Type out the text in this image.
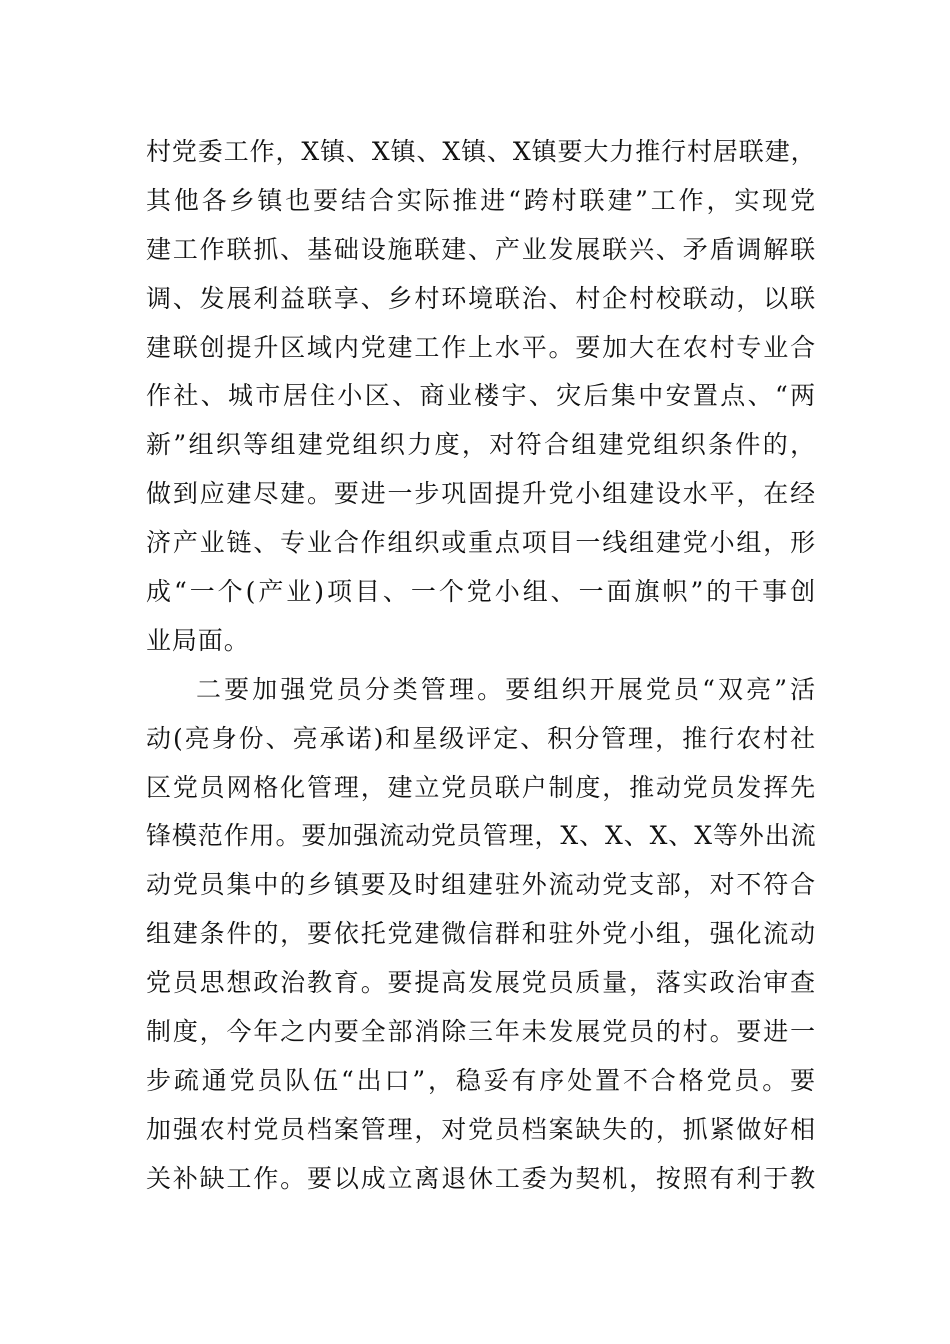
村党委工作，X镇、X镇、X镇、X镇要大力推行村居联建，
其他各乡镇也要结合实际推进“跨村联建”工作，实现党
建工作联抓、基础设施联建、产业发展联兴、矛盾调解联
调、发展利益联享、乡村环境联治、村企村校联动，以联
建联创提升区域内党建工作上水平。要加大在农村专业合
作社、城市居住小区、商业楼宇、灾后集中安置点、“两
新”组织等组建党组织力度，对符合组建党组织条件的，
做到应建尽建。要进一步巩固提升党小组建设水平，在经
济产业链、专业合作组织或重点项目一线组建党小组，形
成“一个(产业)项目、一个党小组、一面旗帜”的干事创
业局面。
二要加强党员分类管理。要组织开展党员“双亮”活
动(亮身份、亮承诺)和星级评定、积分管理，推行农村社
区党员网格化管理，建立党员联户制度，推动党员发挥先
锋模范作用。要加强流动党员管理，X、X、X、X等外出流
动党员集中的乡镇要及时组建驻外流动党支部，对不符合
组建条件的，要依托党建微信群和驻外党小组，强化流动
党员思想政治教育。要提高发展党员质量，落实政治审查
制度，今年之内要全部消除三年未发展党员的村。要进一
步疏通党员队伍“出口”，稳妥有序处置不合格党员。要
加强农村党员档案管理，对党员档案缺失的，抓紧做好相
关补缺工作。要以成立离退休工委为契机，按照有利于教
